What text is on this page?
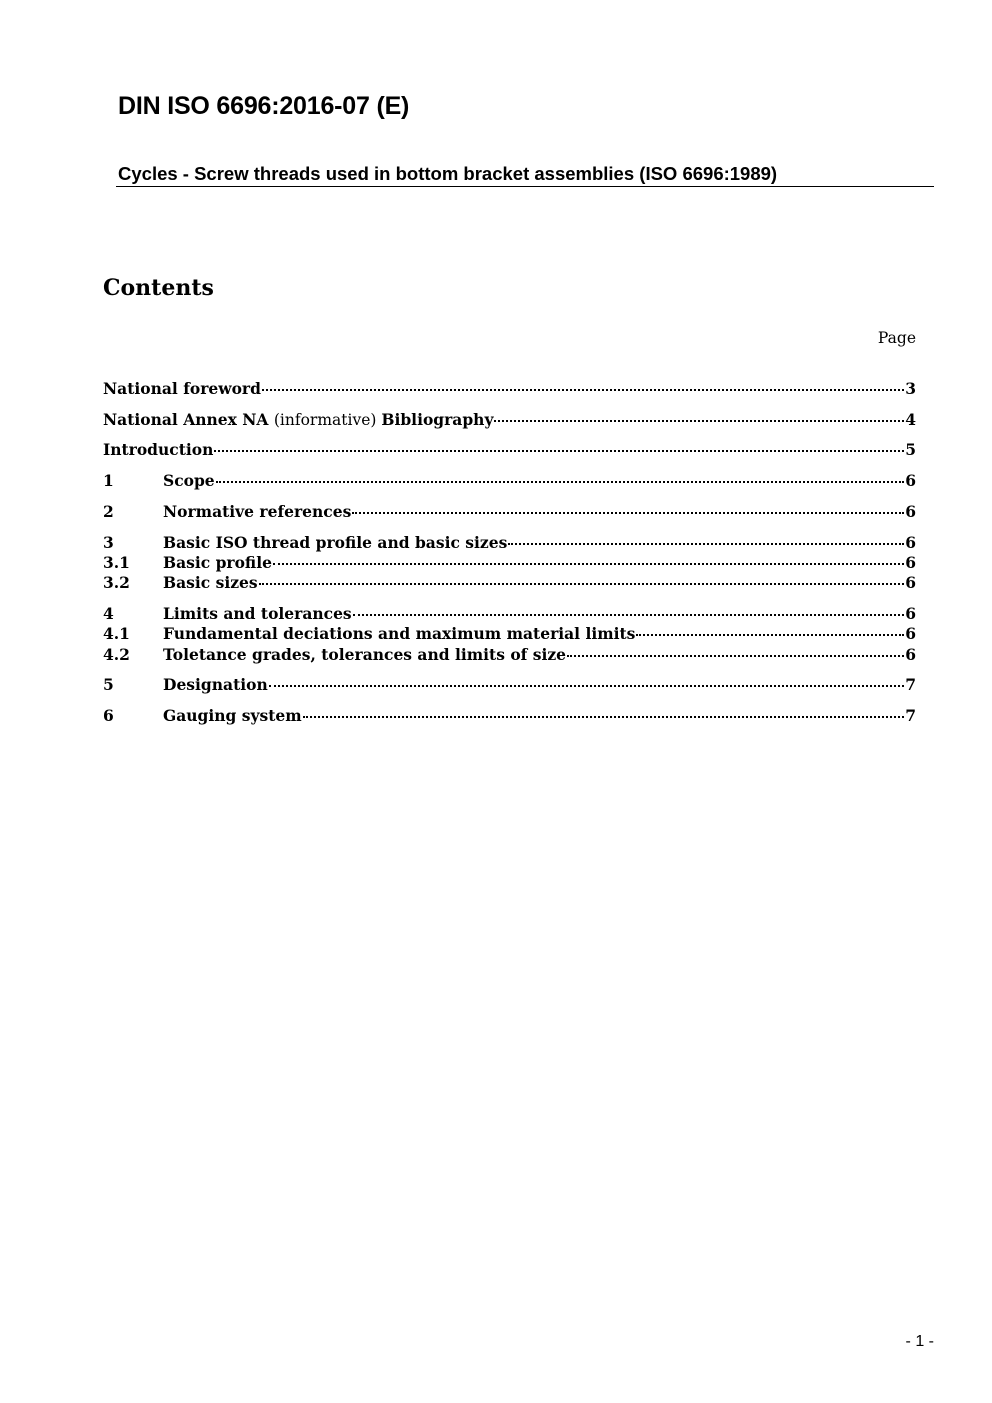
DIN ISO 6696:2016-07 (E)
Cycles - Screw threads used in bottom bracket assemblies (ISO 6696:1989)
Contents
Page
National foreword	3
National Annex NA (informative) Bibliography	4
Introduction	5
1	Scope	6
2	Normative references	6
3	Basic ISO thread profile and basic sizes	6
3.1	Basic profile	6
3.2	Basic sizes	6
4	Limits and tolerances	6
4.1	Fundamental deciations and maximum material limits	6
4.2	Toletance grades, tolerances and limits of size	6
5	Designation	7
6	Gauging system	7
- 1 -
